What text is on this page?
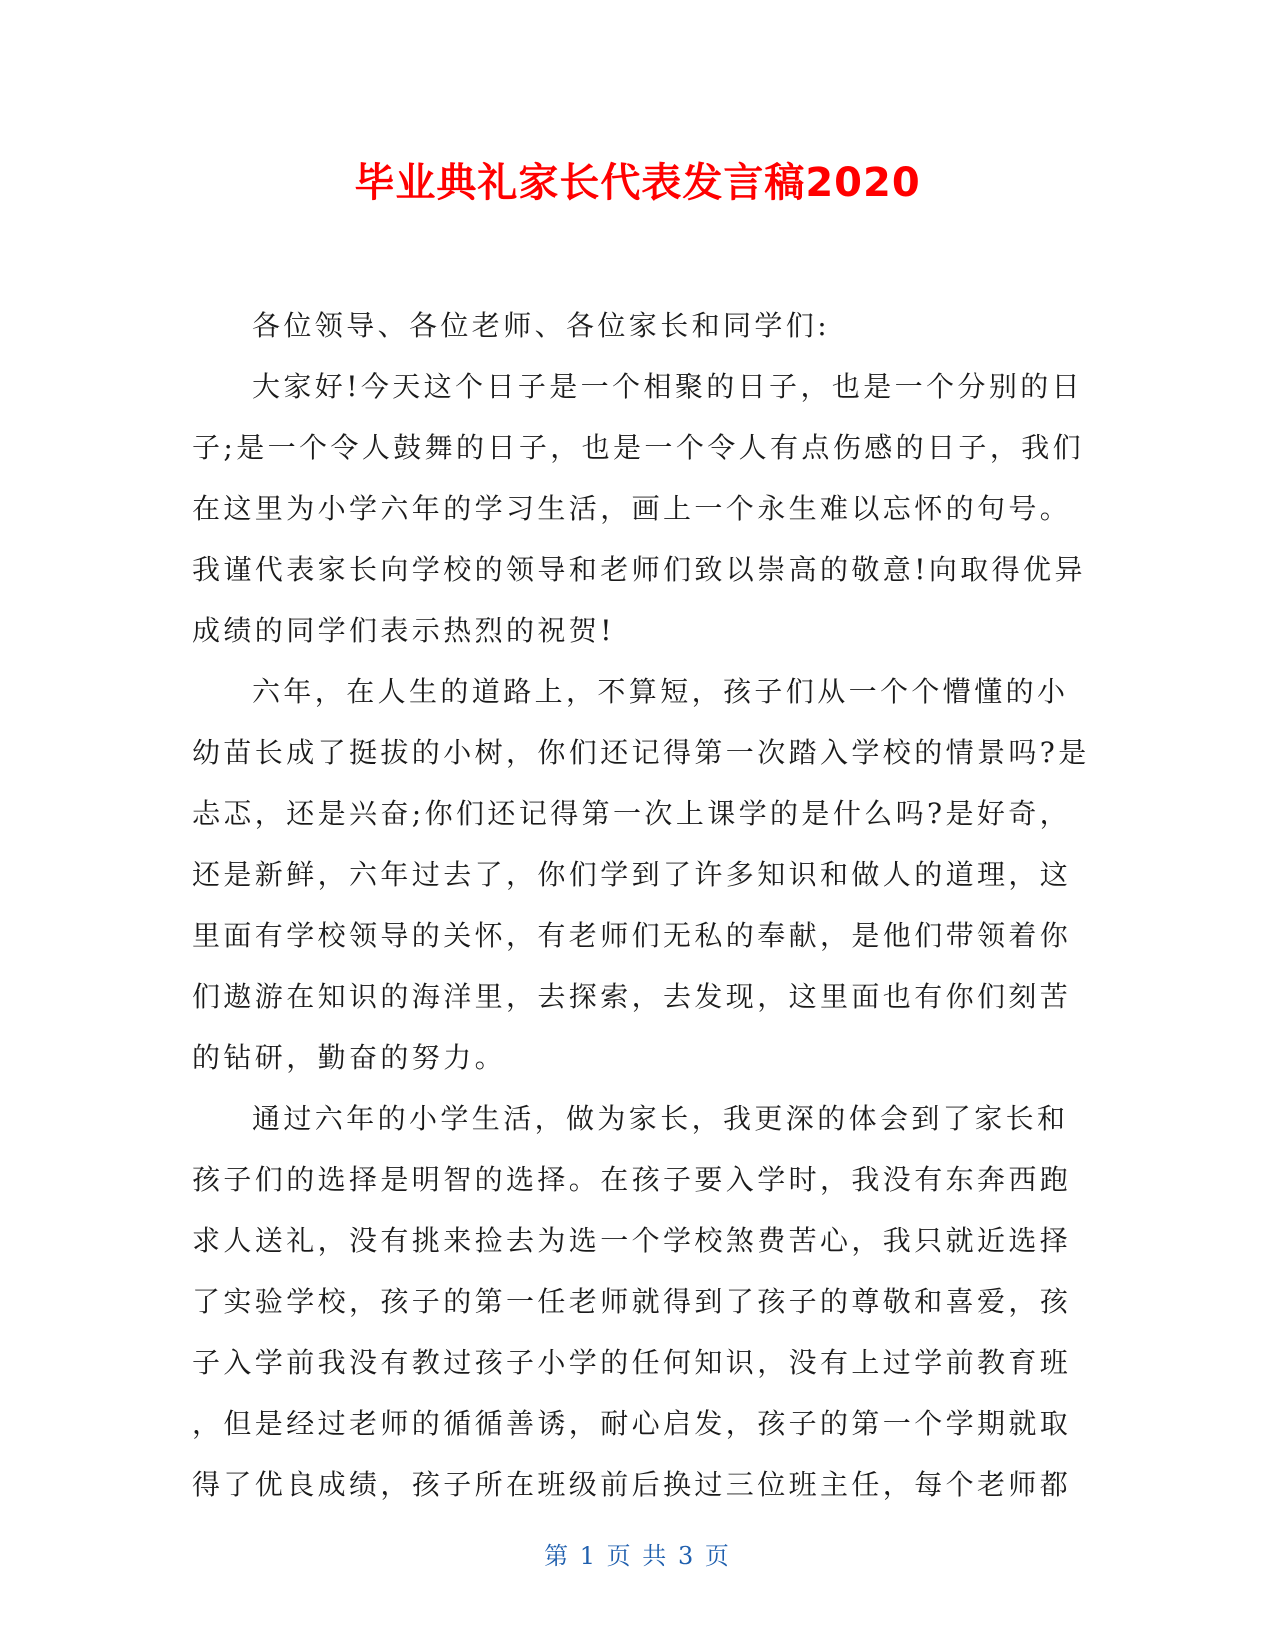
毕业典礼家长代表发言稿2020
各位领导、各位老师、各位家长和同学们:
大家好!今天这个日子是一个相聚的日子，也是一个分别的日
子;是一个令人鼓舞的日子，也是一个令人有点伤感的日子，我们
在这里为小学六年的学习生活，画上一个永生难以忘怀的句号。
我谨代表家长向学校的领导和老师们致以崇高的敬意!向取得优异
成绩的同学们表示热烈的祝贺!
六年，在人生的道路上，不算短，孩子们从一个个懵懂的小
幼苗长成了挺拔的小树，你们还记得第一次踏入学校的情景吗?是
忐忑，还是兴奋;你们还记得第一次上课学的是什么吗?是好奇，
还是新鲜，六年过去了，你们学到了许多知识和做人的道理，这
里面有学校领导的关怀，有老师们无私的奉献，是他们带领着你
们遨游在知识的海洋里，去探索，去发现，这里面也有你们刻苦
的钻研，勤奋的努力。
通过六年的小学生活，做为家长，我更深的体会到了家长和
孩子们的选择是明智的选择。在孩子要入学时，我没有东奔西跑
求人送礼，没有挑来捡去为选一个学校煞费苦心，我只就近选择
了实验学校，孩子的第一任老师就得到了孩子的尊敬和喜爱，孩
子入学前我没有教过孩子小学的任何知识，没有上过学前教育班
，但是经过老师的循循善诱，耐心启发，孩子的第一个学期就取
得了优良成绩，孩子所在班级前后换过三位班主任，每个老师都
第 1 页 共 3 页
